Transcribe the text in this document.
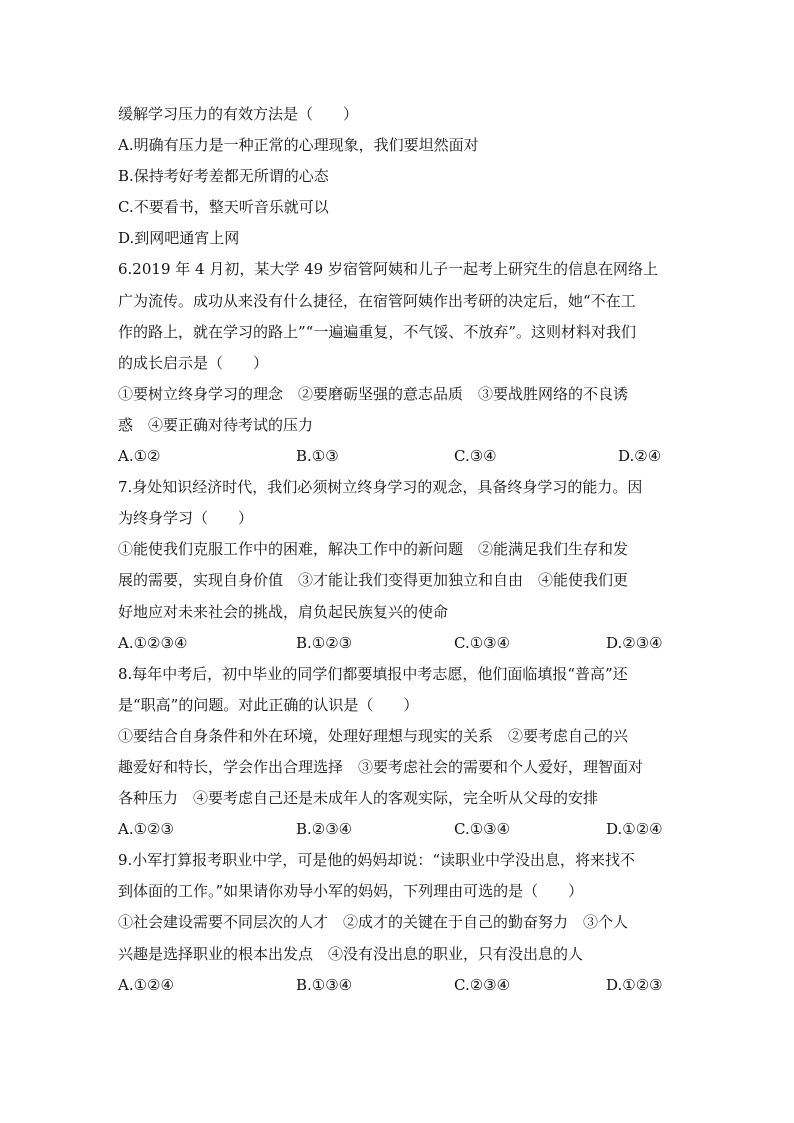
缓解学习压力的有效方法是（　　）
A.明确有压力是一种正常的心理现象，我们要坦然面对
B.保持考好考差都无所谓的心态
C.不要看书，整天听音乐就可以
D.到网吧通宵上网
6.2019 年 4 月初，某大学 49 岁宿管阿姨和儿子一起考上研究生的信息在网络上
广为流传。成功从来没有什么捷径，在宿管阿姨作出考研的决定后，她“不在工
作的路上，就在学习的路上”“一遍遍重复，不气馁、不放弃”。这则材料对我们
的成长启示是（　　）
①要树立终身学习的理念　②要磨砺坚强的意志品质　③要战胜网络的不良诱
惑　④要正确对待考试的压力
A.①②	B.①③	C.③④	D.②④
7.身处知识经济时代，我们必须树立终身学习的观念，具备终身学习的能力。因
为终身学习（　　）
①能使我们克服工作中的困难，解决工作中的新问题　②能满足我们生存和发
展的需要，实现自身价值　③才能让我们变得更加独立和自由　④能使我们更
好地应对未来社会的挑战，肩负起民族复兴的使命
A.①②③④	B.①②③	C.①③④	D.②③④
8.每年中考后，初中毕业的同学们都要填报中考志愿，他们面临填报“普高”还
是“职高”的问题。对此正确的认识是（　　）
①要结合自身条件和外在环境，处理好理想与现实的关系　②要考虑自己的兴
趣爱好和特长，学会作出合理选择　③要考虑社会的需要和个人爱好，理智面对
各种压力　④要考虑自己还是未成年人的客观实际，完全听从父母的安排
A.①②③	B.②③④	C.①③④	D.①②④
9.小军打算报考职业中学，可是他的妈妈却说：“读职业中学没出息，将来找不
到体面的工作。”如果请你劝导小军的妈妈，下列理由可选的是（　　）
①社会建设需要不同层次的人才　②成才的关键在于自己的勤奋努力　③个人
兴趣是选择职业的根本出发点　④没有没出息的职业，只有没出息的人
A.①②④	B.①③④	C.②③④	D.①②③
